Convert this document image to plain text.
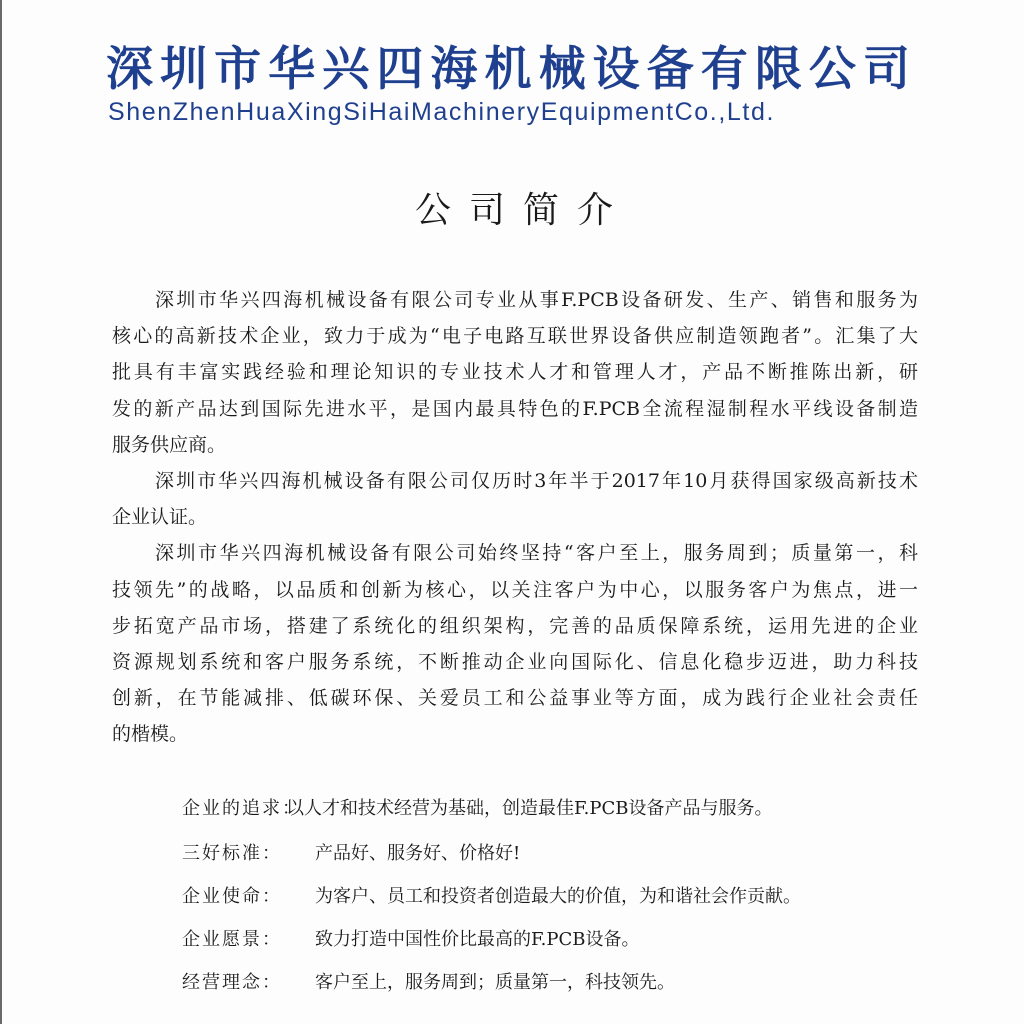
深圳市华兴四海机械设备有限公司
ShenZhenHuaXingSiHaiMachineryEquipmentCo.,Ltd.
公司简介
深圳市华兴四海机械设备有限公司专业从事F.PCB设备研发、生产、销售和服务为
核心的高新技术企业，致力于成为“电子电路互联世界设备供应制造领跑者”。汇集了大
批具有丰富实践经验和理论知识的专业技术人才和管理人才，产品不断推陈出新，研
发的新产品达到国际先进水平，是国内最具特色的F.PCB全流程湿制程水平线设备制造
服务供应商。
深圳市华兴四海机械设备有限公司仅历时3年半于2017年10月获得国家级高新技术
企业认证。
深圳市华兴四海机械设备有限公司始终坚持“客户至上，服务周到；质量第一，科
技领先”的战略，以品质和创新为核心，以关注客户为中心，以服务客户为焦点，进一
步拓宽产品市场，搭建了系统化的组织架构，完善的品质保障系统，运用先进的企业
资源规划系统和客户服务系统，不断推动企业向国际化、信息化稳步迈进，助力科技
创新，在节能减排、低碳环保、关爱员工和公益事业等方面，成为践行企业社会责任
的楷模。
企业的追求：
以人才和技术经营为基础，创造最佳F.PCB设备产品与服务。
三好标准： 产品好、服务好、价格好!
企业使命： 为客户、员工和投资者创造最大的价值，为和谐社会作贡献。
企业愿景： 致力打造中国性价比最高的F.PCB设备。
经营理念： 客户至上，服务周到；质量第一，科技领先。
